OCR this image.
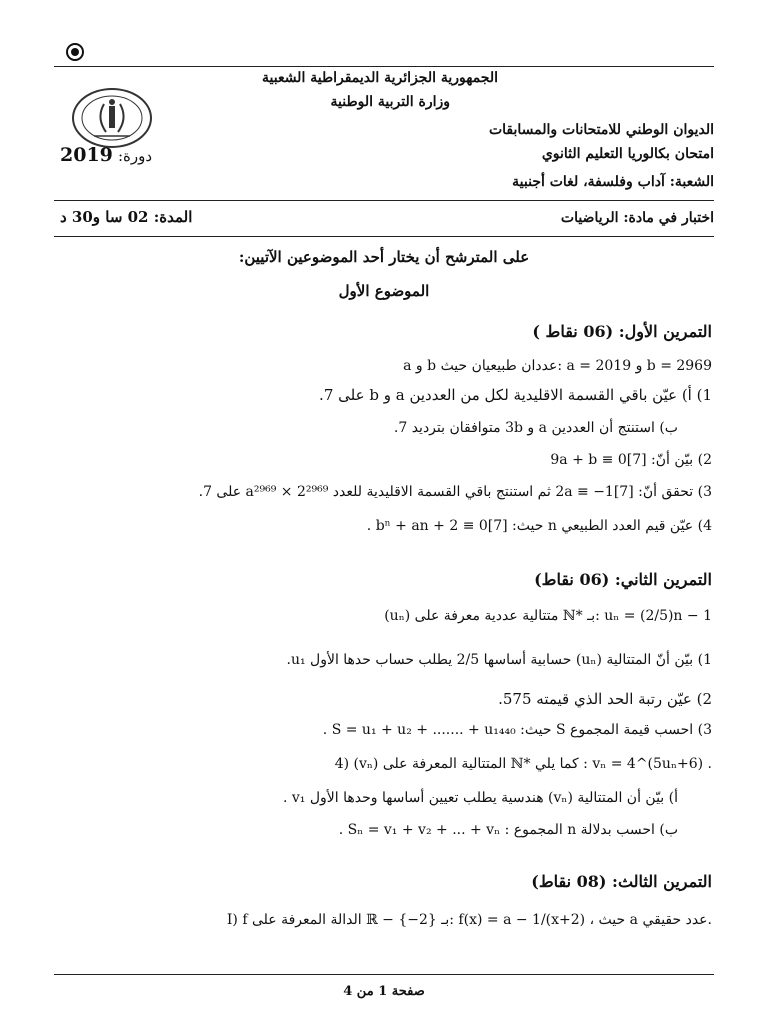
الجمهورية الجزائرية الديمقراطية الشعبية
وزارة التربية الوطنية
الديوان الوطني للامتحانات والمسابقات
امتحان بكالوريا التعليم الثانوي
دورة: 2019
الشعبة: آداب وفلسفة، لغات أجنبية
اختبار في مادة: الرياضيات
المدة: 02 سا و30 د
على المترشح أن يختار أحد الموضوعين الآتيين:
الموضوع الأول
التمرين الأول: (06 نقاط )
a و b عددان طبيعيان حيث: a = 2019 و b = 2969
1) أ) عيّن باقي القسمة الاقليدية لكل من العددين a و b على 7.
ب) استنتج أن العددين a و 3b متوافقان بترديد 7.
2) بيّن أنّ: 9a + b ≡ 0[7]
3) تحقق أنّ: 2a ≡ −1[7] ثم استنتج باقي القسمة الاقليدية للعدد 2²⁹⁶⁹ × a²⁹⁶⁹ على 7.
4) عيّن قيم العدد الطبيعي n حيث: bⁿ + an + 2 ≡ 0[7] .
التمرين الثاني: (06 نقاط)
(uₙ) متتالية عددية معرفة على ℕ* بـ: uₙ = (2/5)n − 1
1) بيّن أنّ المتتالية (uₙ) حسابية أساسها 2/5 يطلب حساب حدها الأول u₁.
2) عيّن رتبة الحد الذي قيمته 575.
3) احسب قيمة المجموع S حيث: S = u₁ + u₂ + ....... + u₁₄₄₀ .
4) (vₙ) المتتالية المعرفة على ℕ* كما يلي : vₙ = 4^(5uₙ+6) .
أ) بيّن أن المتتالية (vₙ) هندسية يطلب تعيين أساسها وحدها الأول v₁ .
ب) احسب بدلالة n المجموع : Sₙ = v₁ + v₂ + ... + vₙ .
التمرين الثالث: (08 نقاط)
I) f الدالة المعرفة على ℝ − {−2} بـ: f(x) = a − 1/(x+2) ، حيث a عدد حقيقي.
صفحة 1 من 4
